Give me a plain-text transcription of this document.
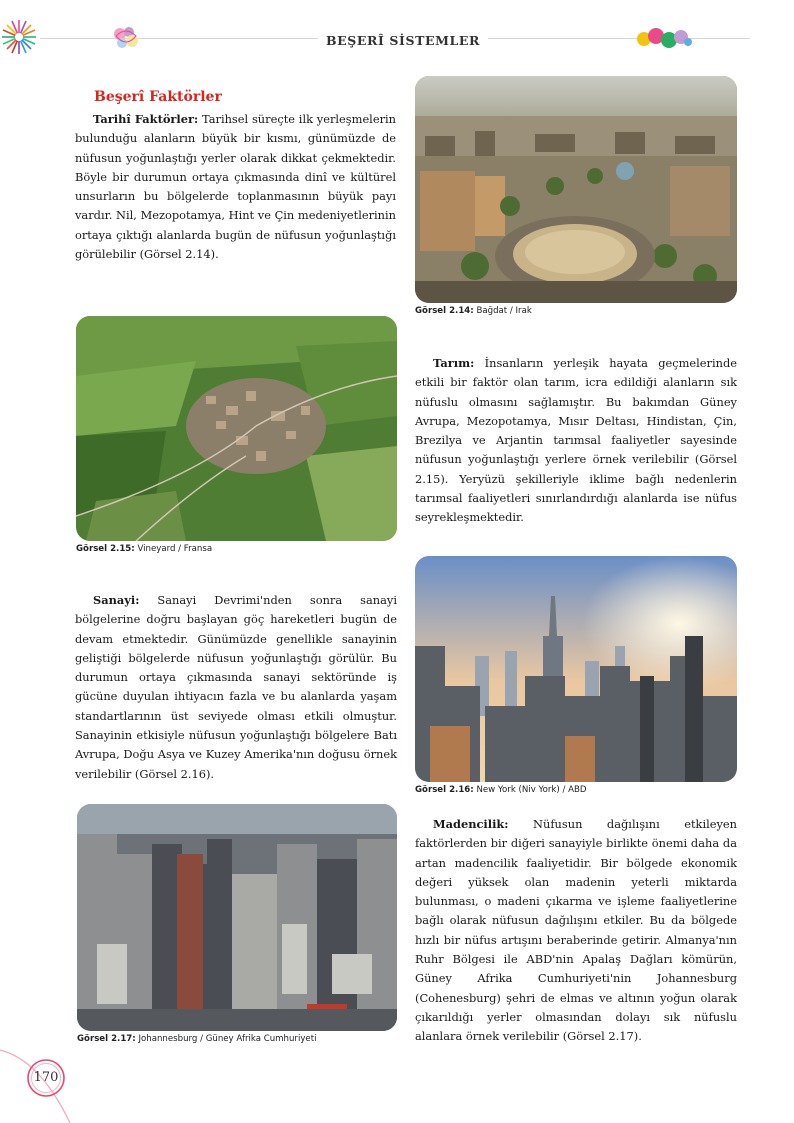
BEŞERÎ SİSTEMLER
Beşerî Faktörler

Tarihî Faktörler: Tarihsel süreçte ilk yerleşmelerin bulunduğu alanların büyük bir kısmı, günümüzde de nüfusun yoğunlaştığı yerler olarak dikkat çekmektedir. Böyle bir durumun ortaya çıkmasında dinî ve kültürel unsurların bu bölgelerde toplanmasının büyük payı vardır. Nil, Mezopotamya, Hint ve Çin medeniyetlerinin ortaya çıktığı alanlarda bugün de nüfusun yoğunlaştığı görülebilir (Görsel 2.14).

Görsel 2.14: Bağdat / Irak
Görsel 2.15: Vineyard / Fransa

Tarım: İnsanların yerleşik hayata geçmelerinde etkili bir faktör olan tarım, icra edildiği alanların sık nüfuslu olmasını sağlamıştır. Bu bakımdan Güney Avrupa, Mezopotamya, Mısır Deltası, Hindistan, Çin, Brezilya ve Arjantin tarımsal faaliyetler sayesinde nüfusun yoğunlaştığı yerlere örnek verilebilir (Görsel 2.15). Yeryüzü şekilleriyle iklime bağlı nedenlerin tarımsal faaliyetleri sınırlandırdığı alanlarda ise nüfus seyrekleşmektedir.

Sanayi: Sanayi Devrimi'nden sonra sanayi bölgelerine doğru başlayan göç hareketleri bugün de devam etmektedir. Günümüzde genellikle sanayinin geliştiği bölgelerde nüfusun yoğunlaştığı görülür. Bu durumun ortaya çıkmasında sanayi sektöründe iş gücüne duyulan ihtiyacın fazla ve bu alanlarda yaşam standartlarının üst seviyede olması etkili olmuştur. Sanayinin etkisiyle nüfusun yoğunlaştığı bölgelere Batı Avrupa, Doğu Asya ve Kuzey Amerika'nın doğusu örnek verilebilir (Görsel 2.16).

Görsel 2.16: New York (Niv York) / ABD
Görsel 2.17: Johannesburg / Güney Afrika Cumhuriyeti

Madencilik: Nüfusun dağılışını etkileyen faktörlerden bir diğeri sanayiyle birlikte önemi daha da artan madencilik faaliyetidir. Bir bölgede ekonomik değeri yüksek olan madenin yeterli miktarda bulunması, o madeni çıkarma ve işleme faaliyetlerine bağlı olarak nüfusun dağılışını etkiler. Bu da bölgede hızlı bir nüfus artışını beraberinde getirir. Almanya'nın Ruhr Bölgesi ile ABD'nin Apalaş Dağları kömürün, Güney Afrika Cumhuriyeti'nin Johannesburg (Cohenesburg) şehri de elmas ve altının yoğun olarak çıkarıldığı yerler olmasından dolayı sık nüfuslu alanlara örnek verilebilir (Görsel 2.17).

170
